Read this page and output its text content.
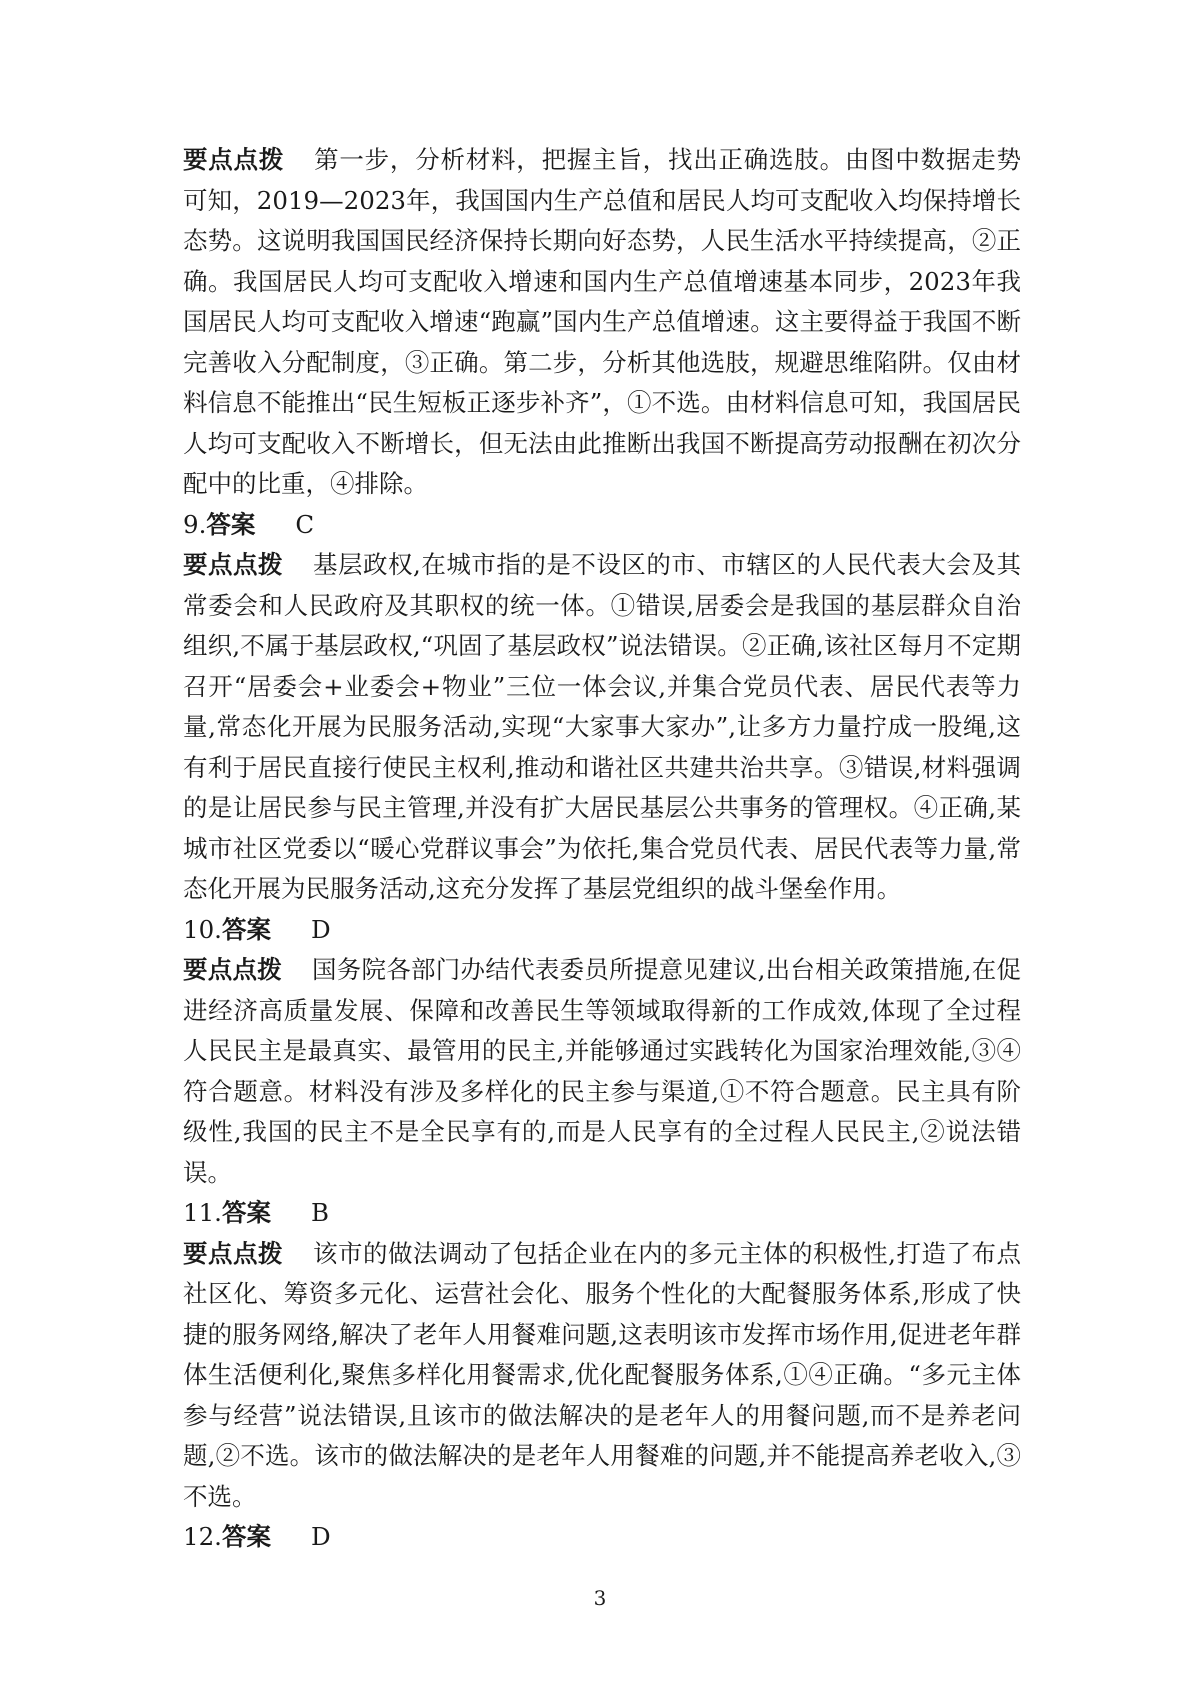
要点点拨 第一步，分析材料，把握主旨，找出正确选肢。由图中数据走势可知，2019—2023年，我国国内生产总值和居民人均可支配收入均保持增长态势。这说明我国国民经济保持长期向好态势，人民生活水平持续提高，②正确。我国居民人均可支配收入增速和国内生产总值增速基本同步，2023年我国居民人均可支配收入增速“跑赢”国内生产总值增速。这主要得益于我国不断完善收入分配制度，③正确。第二步，分析其他选肢，规避思维陷阱。仅由材料信息不能推出“民生短板正逐步补齐”，①不选。由材料信息可知，我国居民人均可支配收入不断增长，但无法由此推断出我国不断提高劳动报酬在初次分配中的比重，④排除。

9.答案 C

要点点拨 基层政权,在城市指的是不设区的市、市辖区的人民代表大会及其常委会和人民政府及其职权的统一体。①错误,居委会是我国的基层群众自治组织,不属于基层政权,“巩固了基层政权”说法错误。②正确,该社区每月不定期召开“居委会+业委会+物业”三位一体会议,并集合党员代表、居民代表等力量,常态化开展为民服务活动,实现“大家事大家办”,让多方力量拧成一股绳,这有利于居民直接行使民主权利,推动和谐社区共建共治共享。③错误,材料强调的是让居民参与民主管理,并没有扩大居民基层公共事务的管理权。④正确,某城市社区党委以“暖心党群议事会”为依托,集合党员代表、居民代表等力量,常态化开展为民服务活动,这充分发挥了基层党组织的战斗堡垒作用。

10.答案 D

要点点拨 国务院各部门办结代表委员所提意见建议,出台相关政策措施,在促进经济高质量发展、保障和改善民生等领域取得新的工作成效,体现了全过程人民民主是最真实、最管用的民主,并能够通过实践转化为国家治理效能,③④符合题意。材料没有涉及多样化的民主参与渠道,①不符合题意。民主具有阶级性,我国的民主不是全民享有的,而是人民享有的全过程人民民主,②说法错误。

11.答案 B

要点点拨 该市的做法调动了包括企业在内的多元主体的积极性,打造了布点社区化、筹资多元化、运营社会化、服务个性化的大配餐服务体系,形成了快捷的服务网络,解决了老年人用餐难问题,这表明该市发挥市场作用,促进老年群体生活便利化,聚焦多样化用餐需求,优化配餐服务体系,①④正确。“多元主体参与经营”说法错误,且该市的做法解决的是老年人的用餐问题,而不是养老问题,②不选。该市的做法解决的是老年人用餐难的问题,并不能提高养老收入,③不选。

12.答案 D

3
